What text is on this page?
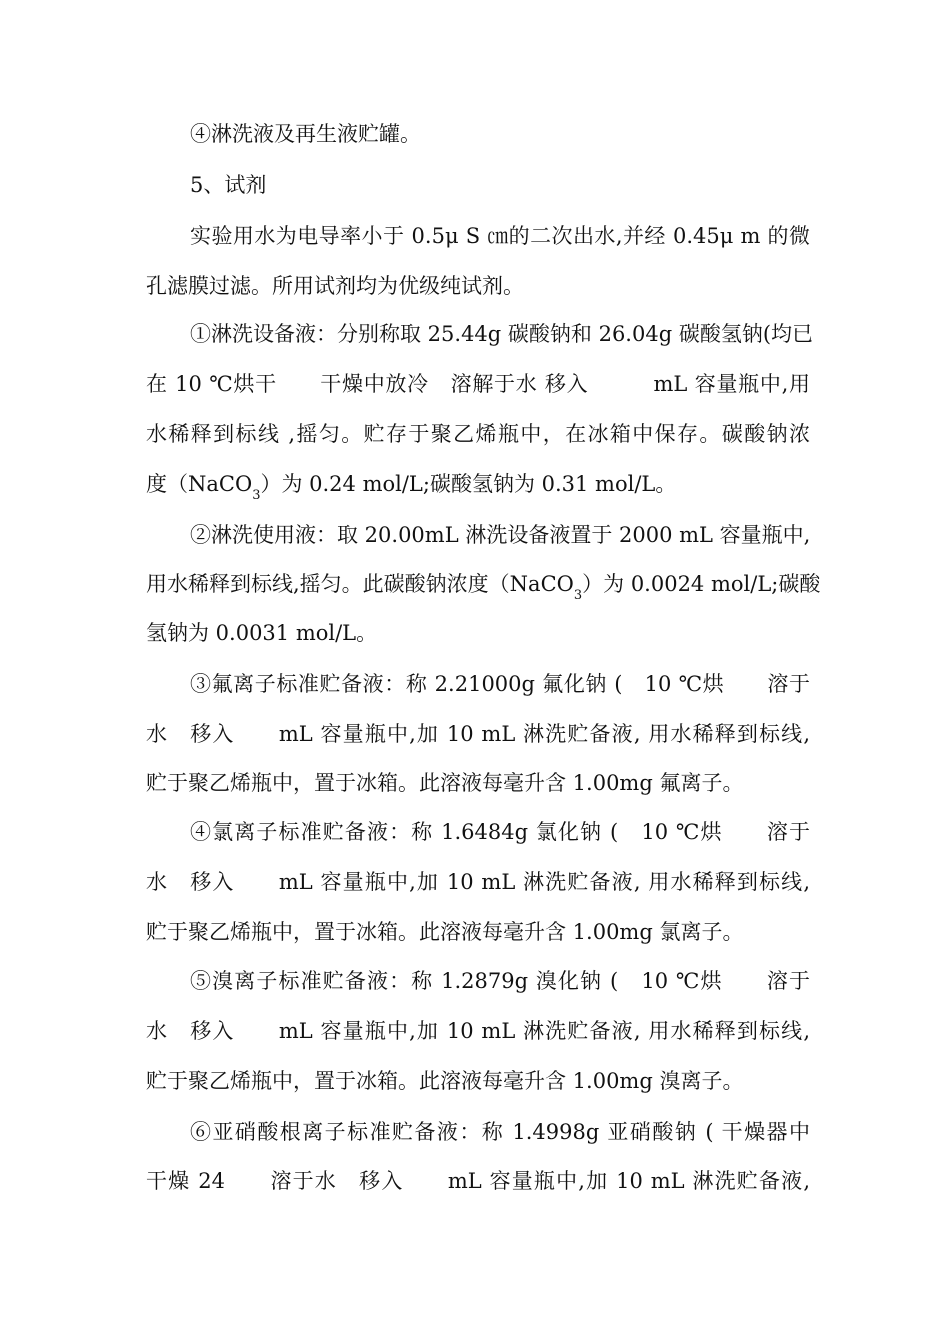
④淋洗液及再生液贮罐。
5、试剂
实验用水为电导率小于 0.5μ S ㎝的二次出水,并经 0.45μ m 的微
孔滤膜过滤。所用试剂均为优级纯试剂。
①淋洗设备液：分别称取 25.44g 碳酸钠和 26.04g 碳酸氢钠(均已
在 10 ℃烘干　　干燥中放冷　溶解于水 移入　　　mL 容量瓶中,用
水稀释到标线 ,摇匀。贮存于聚乙烯瓶中，在冰箱中保存。碳酸钠浓
度（NaCO$_3$）为 0.24 mol/L;碳酸氢钠为 0.31 mol/L。
②淋洗使用液：取 20.00mL 淋洗设备液置于 2000 mL 容量瓶中,
用水稀释到标线,摇匀。此碳酸钠浓度（NaCO$_3$）为 0.0024 mol/L;碳酸
氢钠为 0.0031 mol/L。
③氟离子标准贮备液：称 2.21000g 氟化钠 (　10 ℃烘　　溶于
水　移入　　mL 容量瓶中,加 10 mL 淋洗贮备液, 用水稀释到标线,
贮于聚乙烯瓶中，置于冰箱。此溶液每毫升含 1.00mg 氟离子。
④氯离子标准贮备液：称 1.6484g 氯化钠 (　10 ℃烘　　溶于
水　移入　　mL 容量瓶中,加 10 mL 淋洗贮备液, 用水稀释到标线,
贮于聚乙烯瓶中，置于冰箱。此溶液每毫升含 1.00mg 氯离子。
⑤溴离子标准贮备液：称 1.2879g 溴化钠 (　10 ℃烘　　溶于
水　移入　　mL 容量瓶中,加 10 mL 淋洗贮备液, 用水稀释到标线,
贮于聚乙烯瓶中，置于冰箱。此溶液每毫升含 1.00mg 溴离子。
⑥亚硝酸根离子标准贮备液：称 1.4998g 亚硝酸钠 ( 干燥器中
干燥 24　　溶于水　移入　　mL 容量瓶中,加 10 mL 淋洗贮备液,
